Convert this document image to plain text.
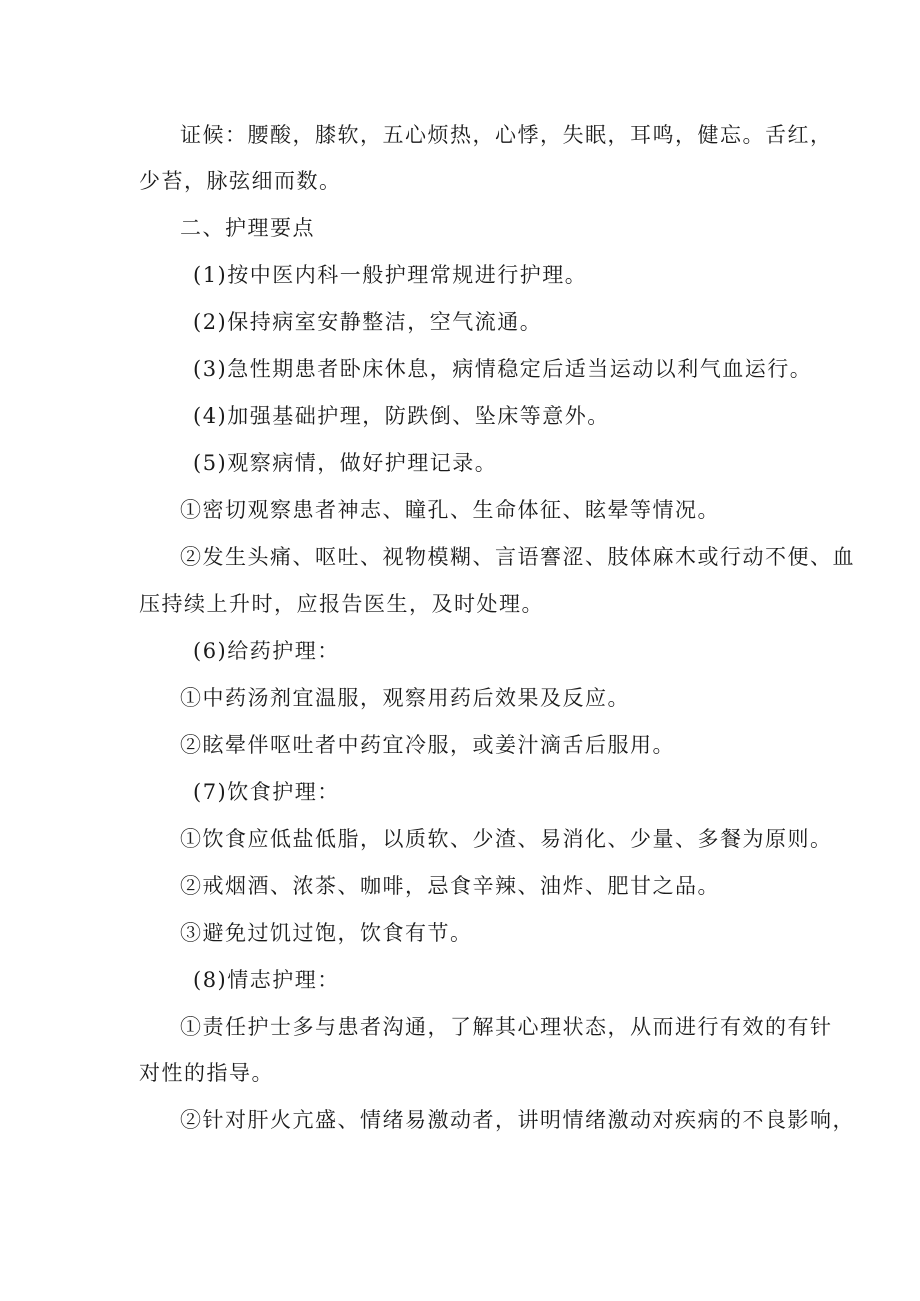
证候：腰酸，膝软，五心烦热，心悸，失眠，耳鸣，健忘。舌红，
少苔，脉弦细而数。
二、护理要点
(1)按中医内科一般护理常规进行护理。
(2)保持病室安静整洁，空气流通。
(3)急性期患者卧床休息，病情稳定后适当运动以利气血运行。
(4)加强基础护理，防跌倒、坠床等意外。
(5)观察病情，做好护理记录。
①密切观察患者神志、瞳孔、生命体征、眩晕等情况。
②发生头痛、呕吐、视物模糊、言语謇涩、肢体麻木或行动不便、血
压持续上升时，应报告医生，及时处理。
(6)给药护理：
①中药汤剂宜温服，观察用药后效果及反应。
②眩晕伴呕吐者中药宜冷服，或姜汁滴舌后服用。
(7)饮食护理：
①饮食应低盐低脂，以质软、少渣、易消化、少量、多餐为原则。
②戒烟酒、浓茶、咖啡，忌食辛辣、油炸、肥甘之品。
③避免过饥过饱，饮食有节。
(8)情志护理：
①责任护士多与患者沟通，了解其心理状态，从而进行有效的有针
对性的指导。
②针对肝火亢盛、情绪易激动者，讲明情绪激动对疾病的不良影响，
